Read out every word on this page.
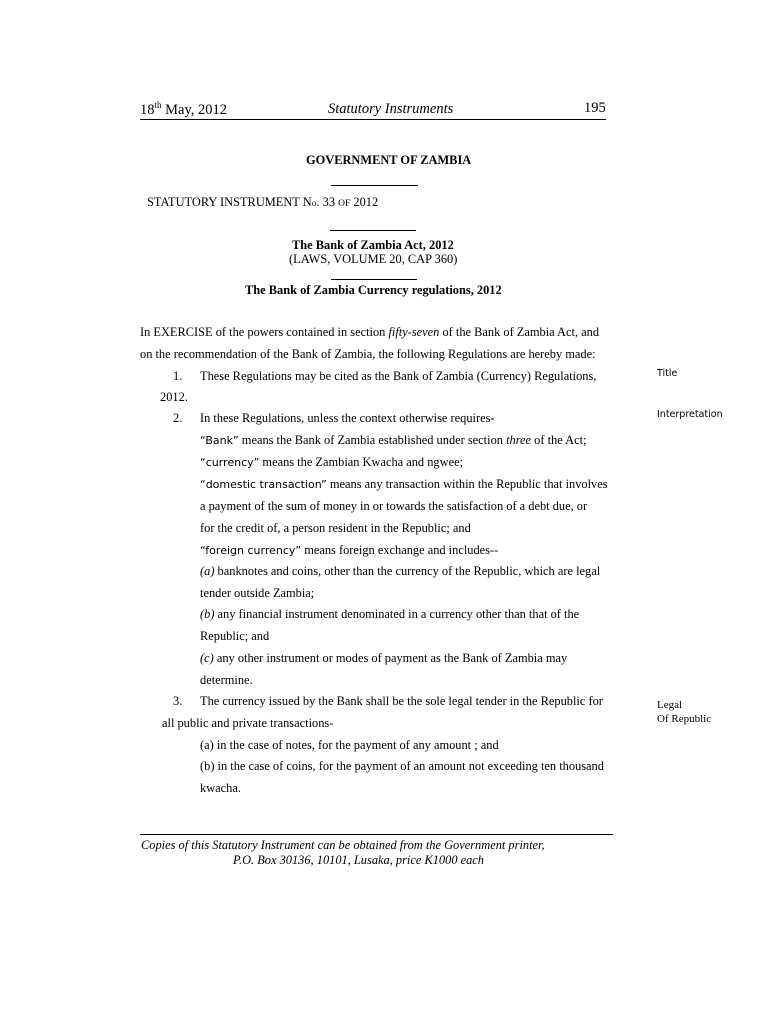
18th May, 2012	Statutory Instruments	195
GOVERNMENT OF ZAMBIA
STATUTORY INSTRUMENT No. 33 OF 2012
The Bank of Zambia Act, 2012
(LAWS, VOLUME 20, CAP 360)
The Bank of Zambia Currency regulations, 2012
In EXERCISE of the powers contained in section fifty-seven of the Bank of Zambia Act, and
on the recommendation of the Bank of Zambia, the following Regulations are hereby made:
1. These Regulations may be cited as the Bank of Zambia (Currency) Regulations,
2012.
2. In these Regulations, unless the context otherwise requires-
“Bank” means the Bank of Zambia established under section three of the Act;
“currency” means the Zambian Kwacha and ngwee;
“domestic transaction” means any transaction within the Republic that involves
a payment of the sum of money in or towards the satisfaction of a debt due, or
for the credit of, a person resident in the Republic; and
“foreign currency” means foreign exchange and includes--
(a) banknotes and coins, other than the currency of the Republic, which are legal
tender outside Zambia;
(b) any financial instrument denominated in a currency other than that of the
Republic; and
(c) any other instrument or modes of payment as the Bank of Zambia may
determine.
3. The currency issued by the Bank shall be the sole legal tender in the Republic for
all public and private transactions-
(a) in the case of notes, for the payment of any amount ; and
(b) in the case of coins, for the payment of an amount not exceeding ten thousand
kwacha.
Title
Interpretation
Legal
Of Republic
Copies of this Statutory Instrument can be obtained from the Government printer,
P.O. Box 30136, 10101, Lusaka, price K1000 each
